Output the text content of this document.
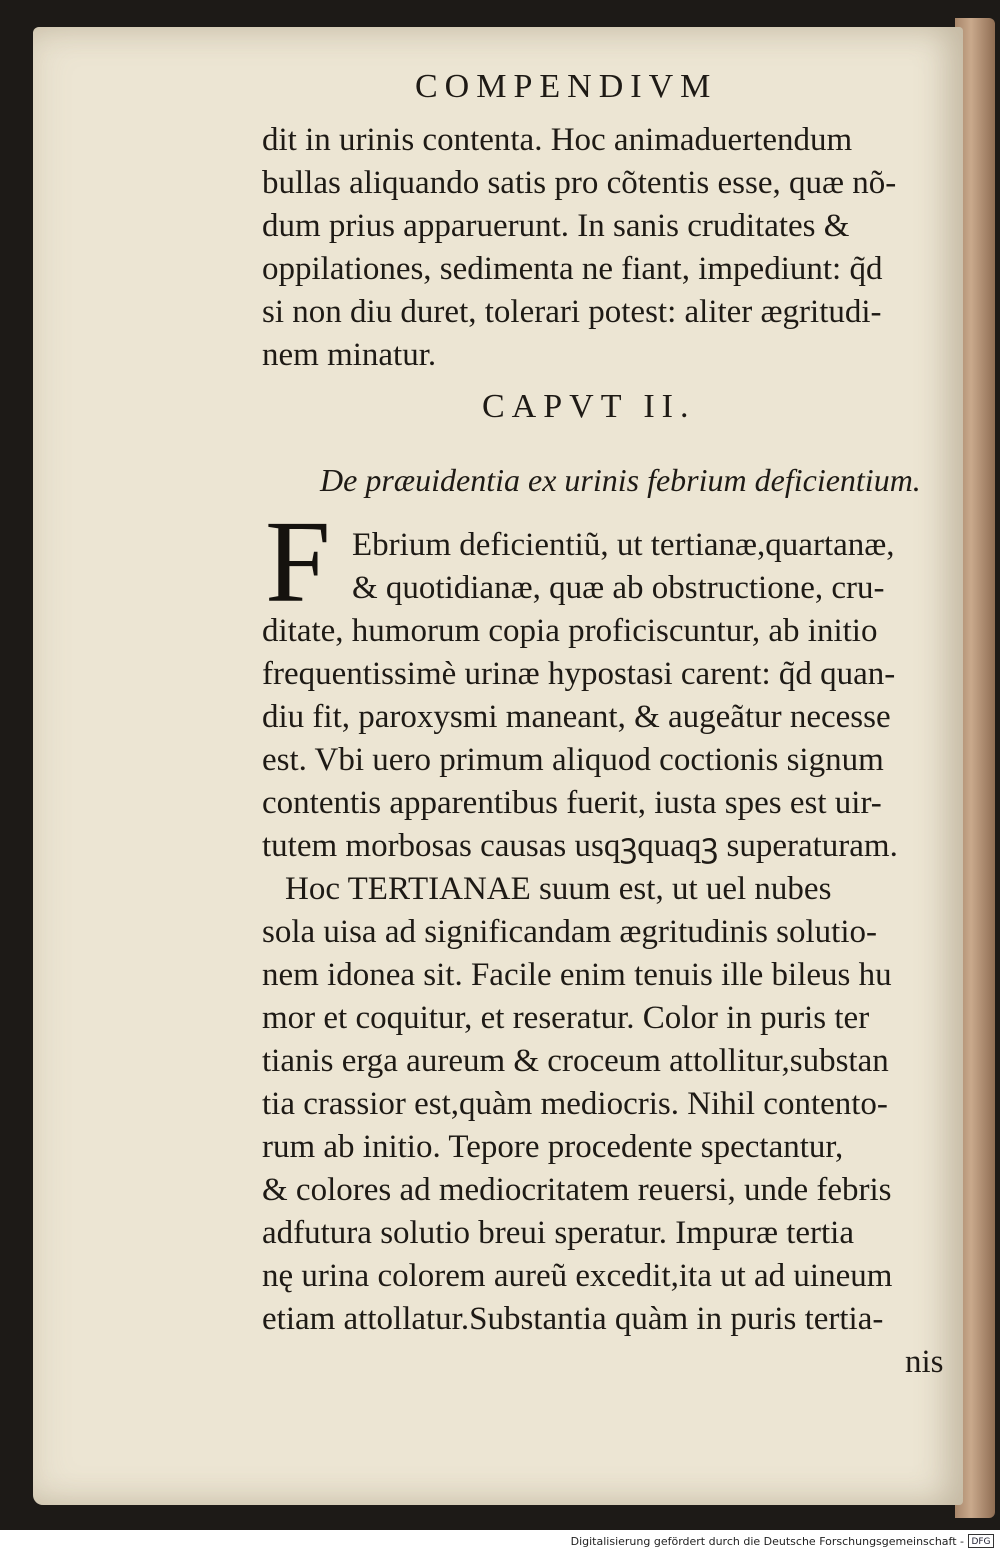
COMPENDIVM
dit in urinis contenta. Hoc animaduertendum
bullas aliquando satis pro cõtentis esse, quæ nõ-
dum prius apparuerunt. In sanis cruditates &
oppilationes, sedimenta ne fiant, impediunt: q̃d
si non diu duret, tolerari potest: aliter ægritudi-
nem minatur.
CAPVT II.
De præuidentia ex urinis febrium deficientium.
F Ebrium deficientiũ, ut tertianæ,quartanæ,
& quotidianæ, quæ ab obstructione, cru-
ditate, humorum copia proficiscuntur, ab initio
frequentissimè urinæ hypostasi carent: q̃d quan-
diu fit, paroxysmi maneant, & augeãtur necesse
est. Vbi uero primum aliquod coctionis signum
contentis apparentibus fuerit, iusta spes est uir-
tutem morbosas causas usqꝫquaqꝫ superaturam.
Hoc TERTIANAE suum est, ut uel nubes
sola uisa ad significandam ægritudinis solutio-
nem idonea sit. Facile enim tenuis ille bileus hu
mor et coquitur, et reseratur. Color in puris ter
tianis erga aureum & croceum attollitur,substan
tia crassior est,quàm mediocris. Nihil contento-
rum ab initio. Tepore procedente spectantur,
& colores ad mediocritatem reuersi, unde febris
adfutura solutio breui speratur. Impuræ tertia
nę urina colorem aureũ excedit,ita ut ad uineum
etiam attollatur.Substantia quàm in puris tertia-
nis
Digitalisierung gefördert durch die Deutsche Forschungsgemeinschaft - DFG
